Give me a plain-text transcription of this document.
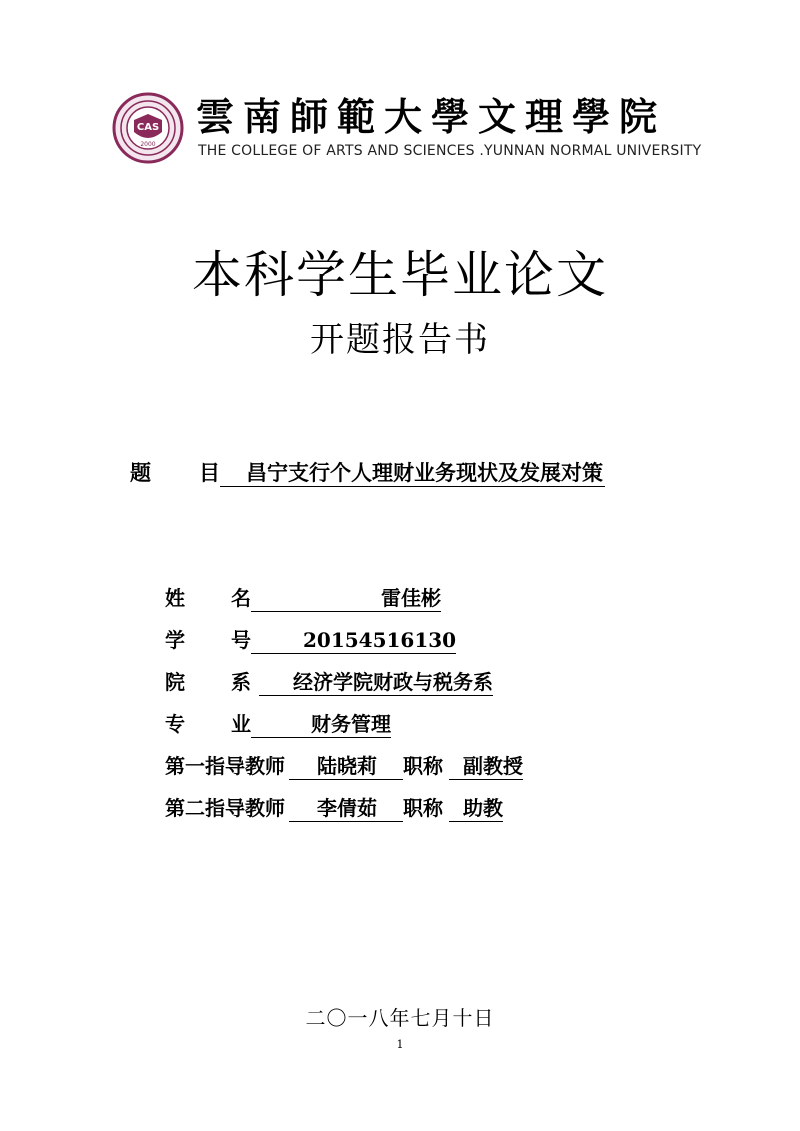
CAS
2000
雲南師範大學文理學院
THE COLLEGE OF ARTS AND SCIENCES .YUNNAN NORMAL UNIVERSITY
本科学生毕业论文
开题报告书
题 目 昌宁支行个人理财业务现状及发展对策
姓 名	雷佳彬
学 号	20154516130
院 系 经济学院财政与税务系
专 业	财务管理
第一指导教师 陆晓莉 职称 副教授
第二指导教师 李倩茹 职称 助教
二〇一八年七月十日
1
